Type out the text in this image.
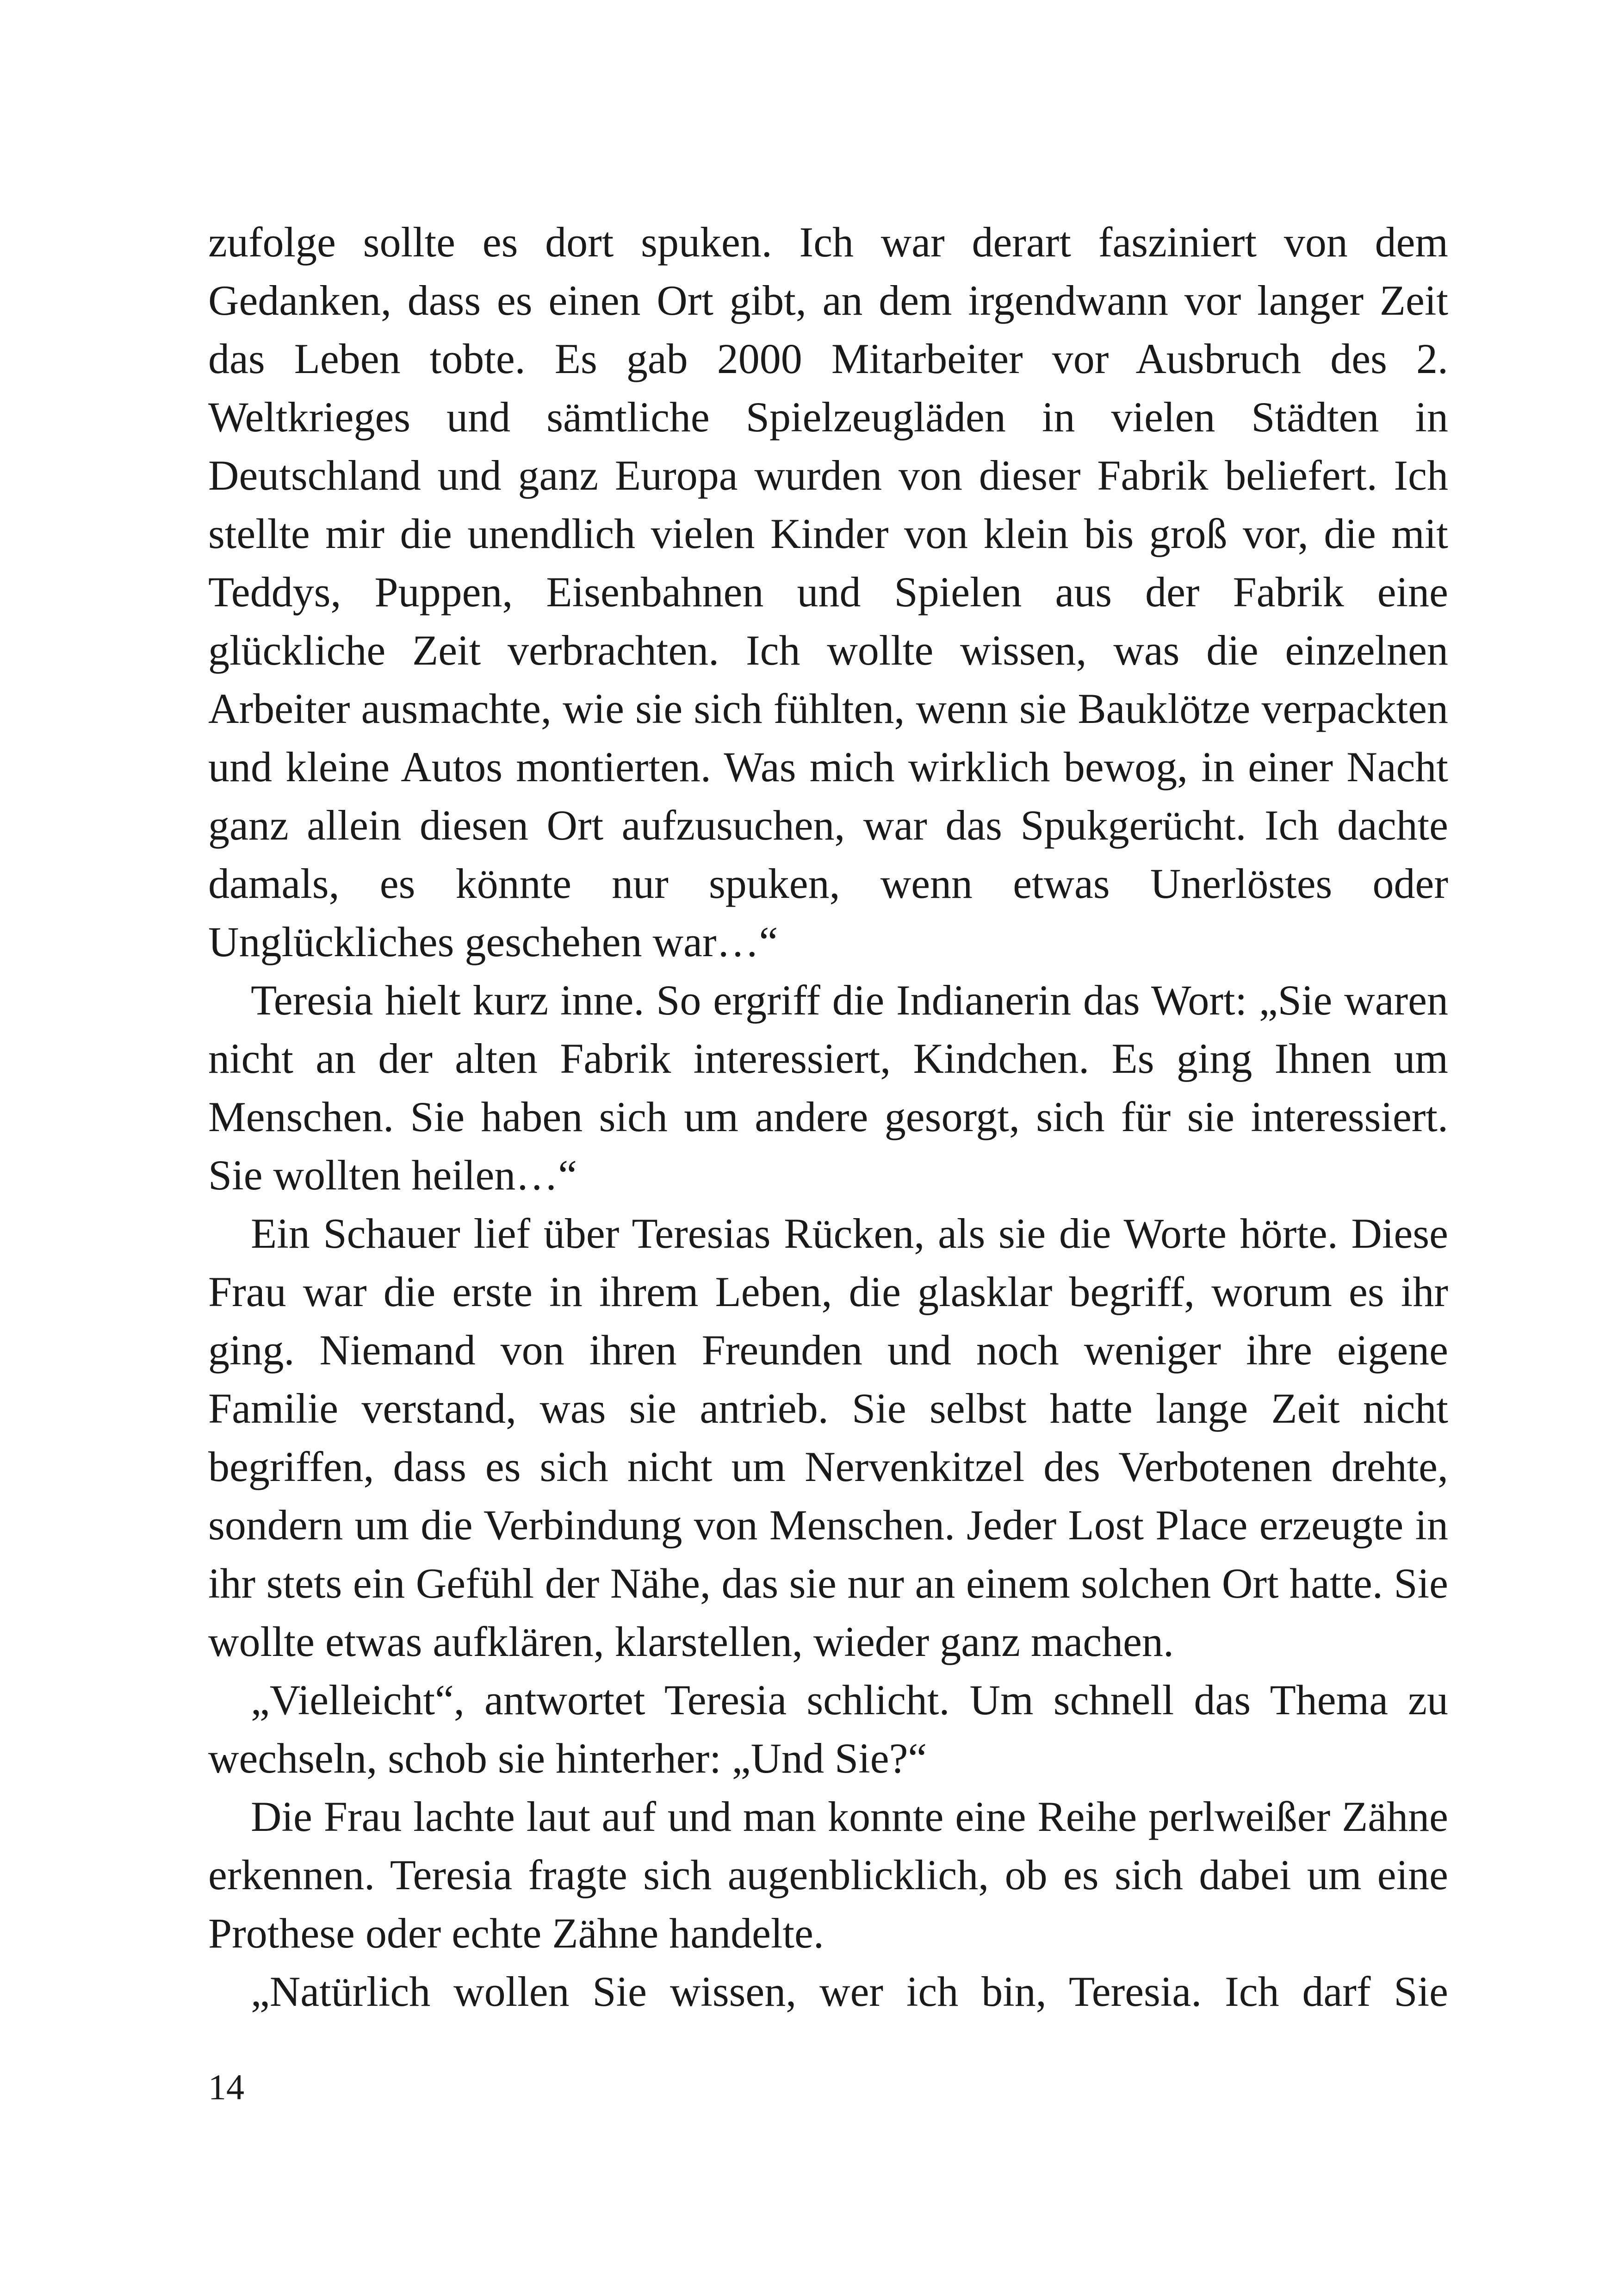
zufolge sollte es dort spuken. Ich war derart fasziniert von dem Gedanken, dass es einen Ort gibt, an dem irgendwann vor langer Zeit das Leben tobte. Es gab 2000 Mitarbeiter vor Ausbruch des 2. Weltkrieges und sämtliche Spielzeugläden in vielen Städten in Deutschland und ganz Europa wurden von dieser Fabrik beliefert. Ich stellte mir die unendlich vielen Kinder von klein bis groß vor, die mit Teddys, Puppen, Eisenbahnen und Spielen aus der Fabrik eine glückliche Zeit verbrachten. Ich wollte wissen, was die einzelnen Arbeiter ausmachte, wie sie sich fühlten, wenn sie Bauklötze verpackten und kleine Autos montierten. Was mich wirklich bewog, in einer Nacht ganz allein diesen Ort aufzusuchen, war das Spukgerücht. Ich dachte damals, es könnte nur spuken, wenn etwas Unerlöstes oder Unglückliches geschehen war…“

Teresia hielt kurz inne. So ergriff die Indianerin das Wort: „Sie waren nicht an der alten Fabrik interessiert, Kindchen. Es ging Ihnen um Menschen. Sie haben sich um andere gesorgt, sich für sie interessiert. Sie wollten heilen…“

Ein Schauer lief über Teresias Rücken, als sie die Worte hörte. Diese Frau war die erste in ihrem Leben, die glasklar begriff, worum es ihr ging. Niemand von ihren Freunden und noch weniger ihre eigene Familie verstand, was sie antrieb. Sie selbst hatte lange Zeit nicht begriffen, dass es sich nicht um Nervenkitzel des Verbotenen drehte, sondern um die Verbindung von Menschen. Jeder Lost Place erzeugte in ihr stets ein Gefühl der Nähe, das sie nur an einem solchen Ort hatte. Sie wollte etwas aufklären, klarstellen, wieder ganz machen.

„Vielleicht“, antwortet Teresia schlicht. Um schnell das Thema zu wechseln, schob sie hinterher: „Und Sie?“

Die Frau lachte laut auf und man konnte eine Reihe perlweißer Zähne erkennen. Teresia fragte sich augenblicklich, ob es sich dabei um eine Prothese oder echte Zähne handelte.

„Natürlich wollen Sie wissen, wer ich bin, Teresia. Ich darf Sie

14
